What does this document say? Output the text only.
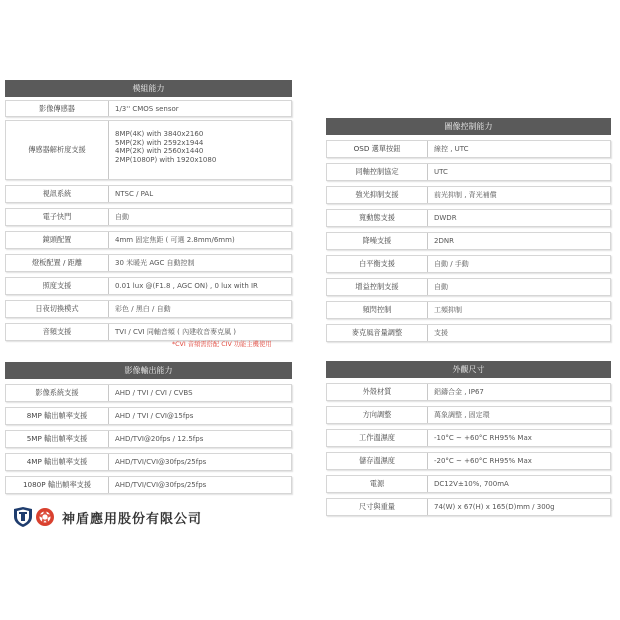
模組能力
影像傳感器	1/3'' CMOS sensor
傳感器解析度支援
8MP(4K) with 3840x2160
5MP(2K) with 2592x1944
4MP(2K) with 2560x1440
2MP(1080P) with 1920x1080
視訊系統	NTSC / PAL
電子快門	自動
鏡頭配置	4mm 固定焦距 ( 可選 2.8mm/6mm)
燈板配置 / 距離	30 米暖光 AGC 自動控制
照度支援	0.01 lux @(F1.8 , AGC ON) , 0 lux with IR
日夜切換模式	彩色 / 黑白 / 自動
音頻支援	TVI / CVI 同軸音頻 ( 內建收音麥克風 )
*CVI 音頻需搭配 CIV 功能主機使用
影像輸出能力
影像系統支援	AHD / TVI / CVI / CVBS
8MP 輸出幀率支援	AHD / TVI / CVI@15fps
5MP 輸出幀率支援	AHD/TVI@20fps / 12.5fps
4MP 輸出幀率支援	AHD/TVI/CVI@30fps/25fps
1080P 輸出幀率支援	AHD/TVI/CVI@30fps/25fps
圖像控制能力
OSD 選單按鈕	線控 , UTC
同軸控制協定	UTC
強光抑制支援	前光抑制 , 背光補償
寬動態支援	DWDR
降噪支援	2DNR
白平衡支援	自動 / 手動
增益控制支援	自動
頻閃控制	工頻抑制
麥克風音量調整	支援
外觀尺寸
外殼材質	鋁鑄合金 , IP67
方向調整	萬象調整 , 固定環
工作溫濕度	-10°C ~ +60°C RH95% Max
儲存溫濕度	-20°C ~ +60°C RH95% Max
電源	DC12V±10%, 700mA
尺寸與重量	74(W) x 67(H) x 165(D)mm / 300g
神盾應用股份有限公司
